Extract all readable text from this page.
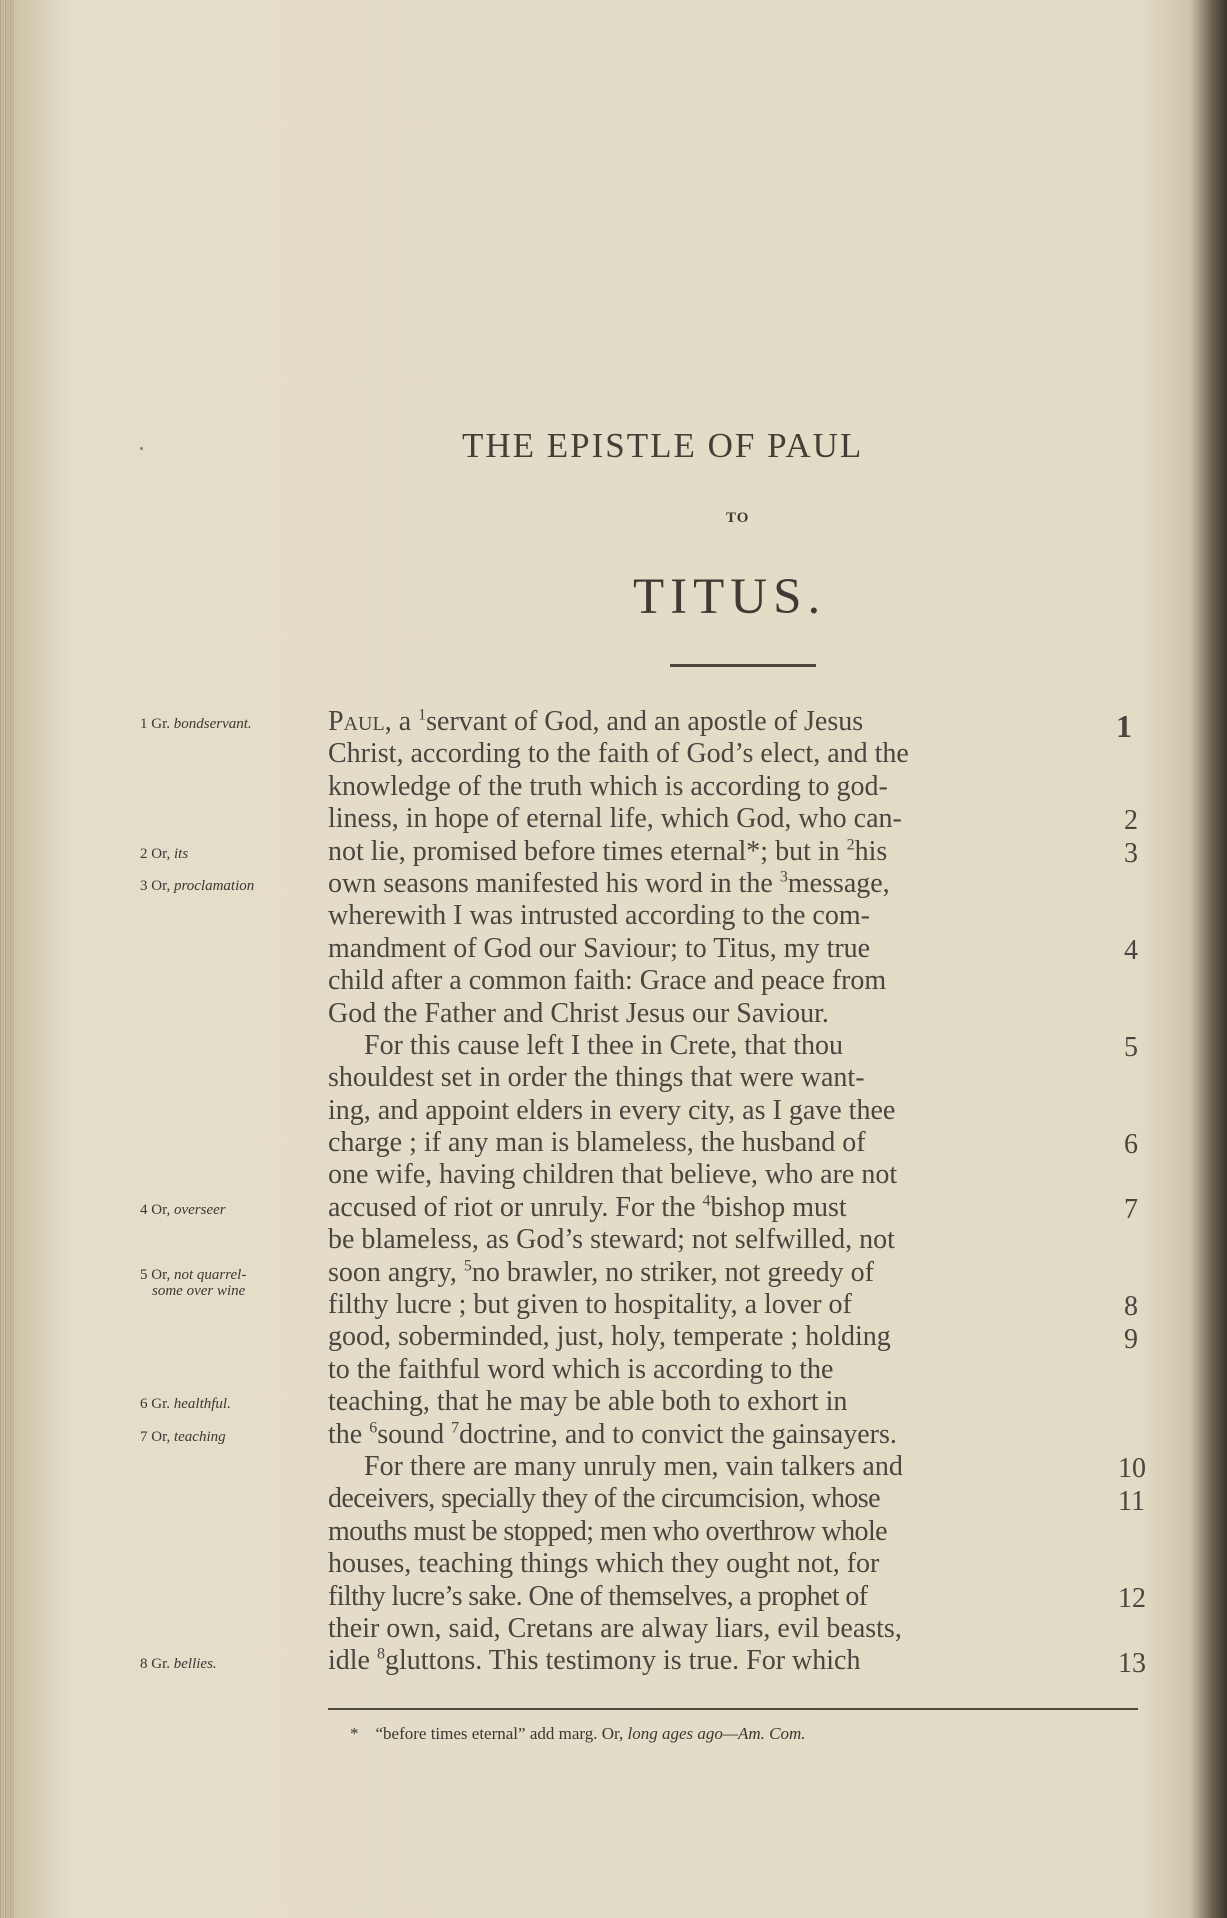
THE EPISTLE OF PAUL
TO
TITUS.
Paul, a $^1$servant of God, and an apostle of Jesus
Christ, according to the faith of God’s elect, and the
knowledge of the truth which is according to god-
liness, in hope of eternal life, which God, who can-
not lie, promised before times eternal*; but in $^2$his
own seasons manifested his word in the $^3$message,
wherewith I was intrusted according to the com-
mandment of God our Saviour; to Titus, my true
child after a common faith: Grace and peace from
God the Father and Christ Jesus our Saviour.
For this cause left I thee in Crete, that thou
shouldest set in order the things that were want-
ing, and appoint elders in every city, as I gave thee
charge ; if any man is blameless, the husband of
one wife, having children that believe, who are not
accused of riot or unruly. For the $^4$bishop must
be blameless, as God’s steward; not selfwilled, not
soon angry, $^5$no brawler, no striker, not greedy of
filthy lucre ; but given to hospitality, a lover of
good, soberminded, just, holy, temperate ; holding
to the faithful word which is according to the
teaching, that he may be able both to exhort in
the $^6$sound $^7$doctrine, and to convict the gainsayers.
For there are many unruly men, vain talkers and
deceivers, specially they of the circumcision, whose
mouths must be stopped; men who overthrow whole
houses, teaching things which they ought not, for
filthy lucre’s sake. One of themselves, a prophet of
their own, said, Cretans are alway liars, evil beasts,
idle $^8$gluttons. This testimony is true. For which
1
2
3
4
5
6
7
8
9
10
11
12
13
1 Gr. bondservant.
2 Or, its
3 Or, proclamation
4 Or, overseer
5 Or, not quarrel-
some over wine
6 Gr. healthful.
7 Or, teaching
8 Gr. bellies.
* “before times eternal” add marg. Or, long ages ago—Am. Com.
